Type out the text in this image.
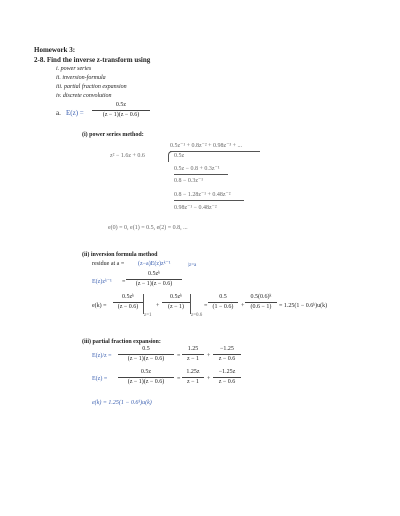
Homework 3:
2-8. Find the inverse z-transform using
i. power series
ii. inversion-formula
iii. partial fraction expansion
iv. discrete convolution
a. E(z) =
0.5z
(z − 1)(z − 0.6)
(i) power series method:
0.5z⁻¹ + 0.8z⁻² + 0.98z⁻³ + ...
z² − 1.6z + 0.6	0.5z
0.5z − 0.8 + 0.3z⁻¹
0.8 − 0.3z⁻¹
0.8 − 1.28z⁻¹ + 0.48z⁻²
0.98z⁻¹ − 0.48z⁻²
e(0) = 0, e(1) = 0.5, e(2) = 0.8, ...
(ii) inversion formula method
residue at a = (z−a)E(z)zᵏ⁻¹	|z=a
E(z)zᵏ⁻¹ =
0.5zᵏ
(z − 1)(z − 0.6)
e(k) =
0.5zᵏ
(z − 0.6)
z=1
+
0.5zᵏ
(z − 1)
z=0.6
=
0.5
(1 − 0.6) +
0.5(0.6)ᵏ
(0.6 − 1) = 1.25(1 − 0.6ᵏ)u(k)
(iii) partial fraction expansion:
E(z)/z =
0.5
(z − 1)(z − 0.6) =
1.25
z − 1 +
−1.25
z − 0.6
E(z) =
0.5z
(z − 1)(z − 0.6) =
1.25z
z − 1 +
−1.25z
z − 0.6
e(k) = 1.25(1 − 0.6ᵏ)u(k)
